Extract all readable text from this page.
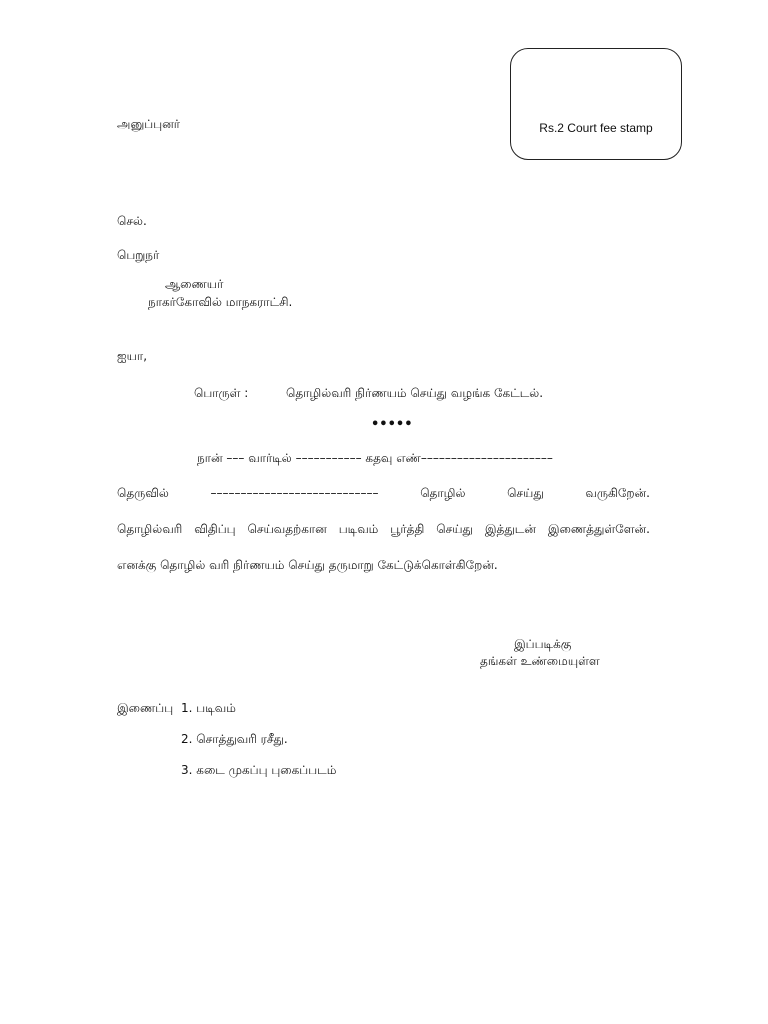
அனுப்புனர்	Rs.2 Court fee stamp
செல்.
பெறுநர்
ஆணையர்
நாகர்கோவில் மாநகராட்சி.
ஐயா,
பொருள் :	தொழில்வரி நிர்ணயம் செய்து வழங்க கேட்டல்.
•••••
நான் ––– வார்டில் ––––––––––– கதவு எண்––––––––––––––––––––––
தெருவில்	––––––––––––––––––––––––––––	தொழில்	செய்து	வருகிறேன்.
தொழில்வரி விதிப்பு செய்வதற்கான படிவம் பூர்த்தி செய்து இத்துடன் இணைத்துள்ளேன்.
எனக்கு தொழில் வரி நிர்ணயம் செய்து தருமாறு கேட்டுக்கொள்கிறேன்.
இப்படிக்கு
தங்கள் உண்மையுள்ள
இணைப்பு 1. படிவம்
2. சொத்துவரி ரசீது.
3. கடை முகப்பு புகைப்படம்
